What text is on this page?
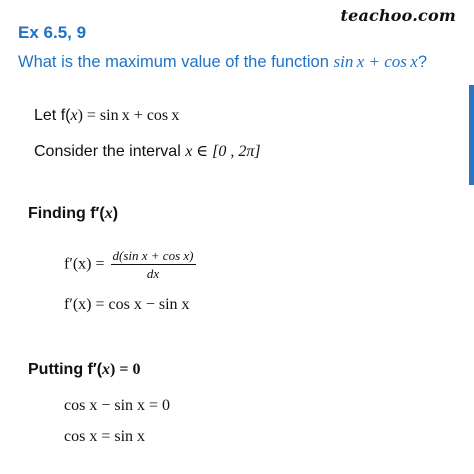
teachoo.com
Ex 6.5, 9
What is the maximum value of the function sin x + cos x?
Let f(x) = sin x + cos x
Consider the interval x ∈ [0 , 2π]
Finding f′(x)
$f'(x) = \frac{\text{d(sin x + cos x)}}{dx}$
f′(x) = cos x − sin x
Putting f′(x) = 0
cos x − sin x = 0
cos x = sin x
